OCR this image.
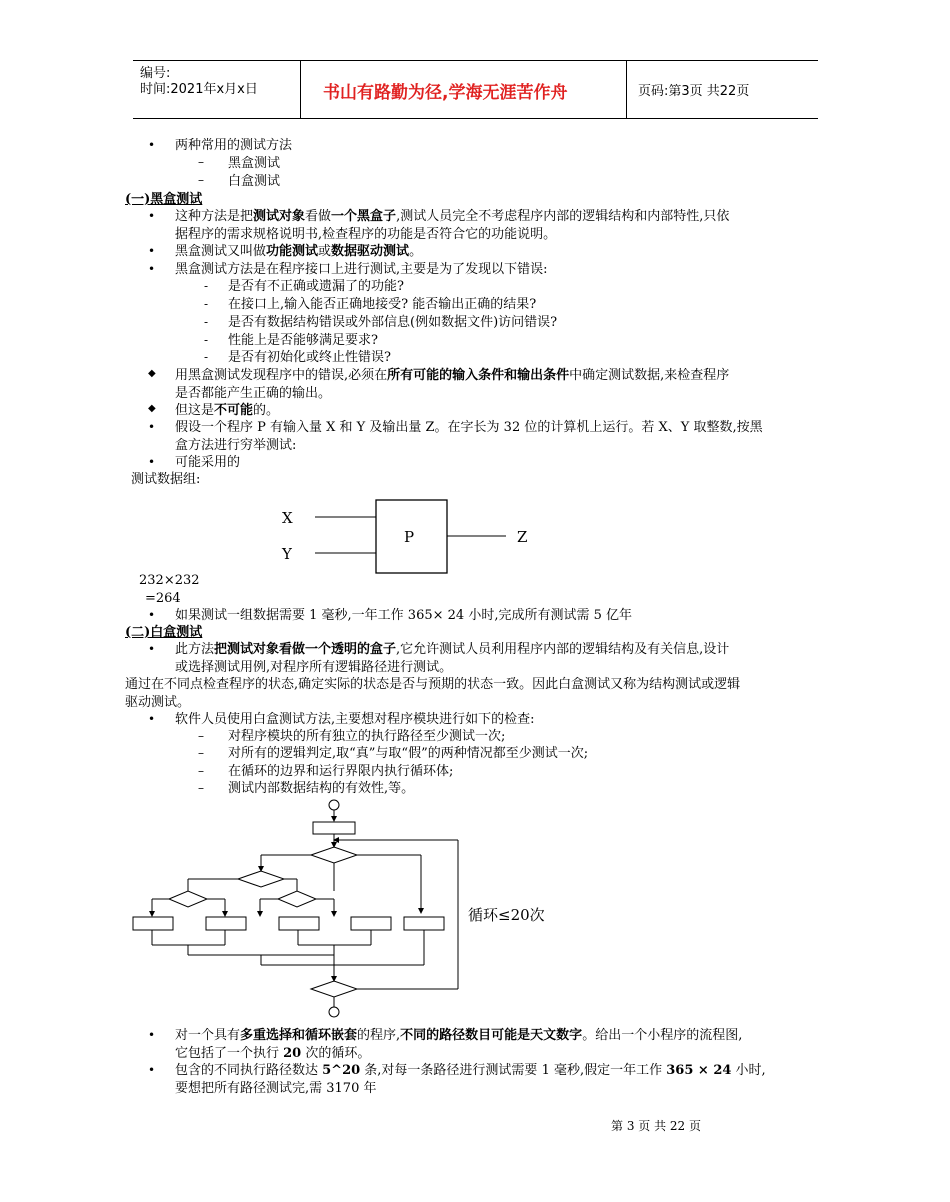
编号:
时间:2021年x月x日	书山有路勤为径,学海无涯苦作舟	页码:第3页 共22页
• 两种常用的测试方法
– 黑盒测试
– 白盒测试
(一)黑盒测试
• 这种方法是把测试对象看做一个黑盒子,测试人员完全不考虑程序内部的逻辑结构和内部特性,只依
据程序的需求规格说明书,检查程序的功能是否符合它的功能说明。
• 黑盒测试又叫做功能测试或数据驱动测试。
• 黑盒测试方法是在程序接口上进行测试,主要是为了发现以下错误:
- 是否有不正确或遗漏了的功能?
- 在接口上,输入能否正确地接受? 能否输出正确的结果?
- 是否有数据结构错误或外部信息(例如数据文件)访问错误?
- 性能上是否能够满足要求?
- 是否有初始化或终止性错误?
◆ 用黑盒测试发现程序中的错误,必须在所有可能的输入条件和输出条件中确定测试数据,来检查程序
是否都能产生正确的输出。
◆ 但这是不可能的。
• 假设一个程序 P 有输入量 X 和 Y 及输出量 Z。在字长为 32 位的计算机上运行。若 X、Y 取整数,按黑
盒方法进行穷举测试:
• 可能采用的
测试数据组:
X
Y
P	Z
232×232
=264
• 如果测试一组数据需要 1 毫秒,一年工作 365× 24 小时,完成所有测试需 5 亿年
(二)白盒测试
• 此方法把测试对象看做一个透明的盒子,它允许测试人员利用程序内部的逻辑结构及有关信息,设计
或选择测试用例,对程序所有逻辑路径进行测试。
通过在不同点检查程序的状态,确定实际的状态是否与预期的状态一致。因此白盒测试又称为结构测试或逻辑
驱动测试。
• 软件人员使用白盒测试方法,主要想对程序模块进行如下的检查:
– 对程序模块的所有独立的执行路径至少测试一次;
– 对所有的逻辑判定,取“真”与取“假”的两种情况都至少测试一次;
– 在循环的边界和运行界限内执行循环体;
– 测试内部数据结构的有效性,等。
循环≤20次
• 对一个具有多重选择和循环嵌套的程序,不同的路径数目可能是天文数字。给出一个小程序的流程图,
它包括了一个执行 20 次的循环。
• 包含的不同执行路径数达 5^20 条,对每一条路径进行测试需要 1 毫秒,假定一年工作 365 × 24 小时,
要想把所有路径测试完,需 3170 年
第 3 页 共 22 页
